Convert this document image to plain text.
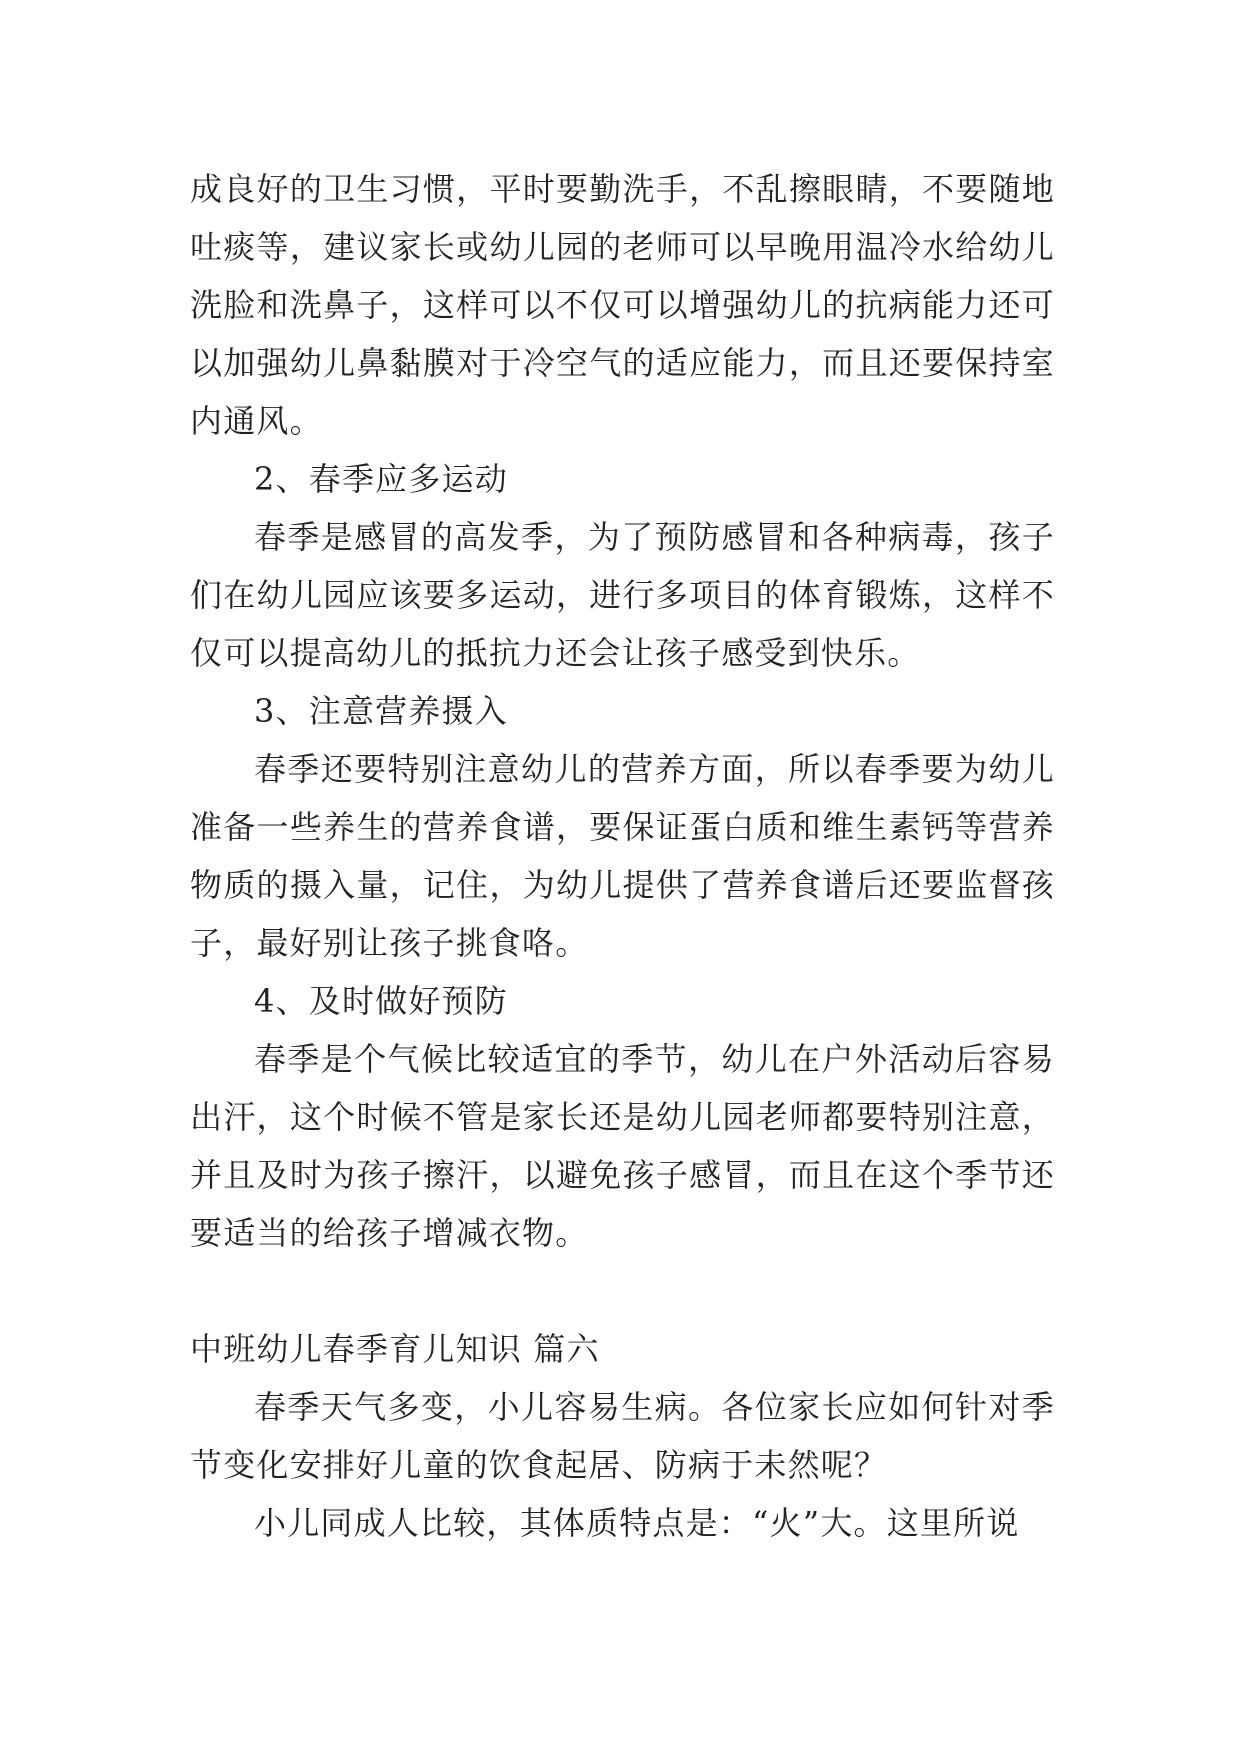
成良好的卫生习惯，平时要勤洗手，不乱擦眼睛，不要随地吐痰等，建议家长或幼儿园的老师可以早晚用温冷水给幼儿洗脸和洗鼻子，这样可以不仅可以增强幼儿的抗病能力还可以加强幼儿鼻黏膜对于冷空气的适应能力，而且还要保持室内通风。

2、春季应多运动

春季是感冒的高发季，为了预防感冒和各种病毒，孩子们在幼儿园应该要多运动，进行多项目的体育锻炼，这样不仅可以提高幼儿的抵抗力还会让孩子感受到快乐。

3、注意营养摄入

春季还要特别注意幼儿的营养方面，所以春季要为幼儿准备一些养生的营养食谱，要保证蛋白质和维生素钙等营养物质的摄入量，记住，为幼儿提供了营养食谱后还要监督孩子，最好别让孩子挑食咯。

4、及时做好预防

春季是个气候比较适宜的季节，幼儿在户外活动后容易出汗，这个时候不管是家长还是幼儿园老师都要特别注意，并且及时为孩子擦汗，以避免孩子感冒，而且在这个季节还要适当的给孩子增减衣物。

中班幼儿春季育儿知识 篇六

春季天气多变，小儿容易生病。各位家长应如何针对季节变化安排好儿童的饮食起居、防病于未然呢？

小儿同成人比较，其体质特点是：“火”大。这里所说
